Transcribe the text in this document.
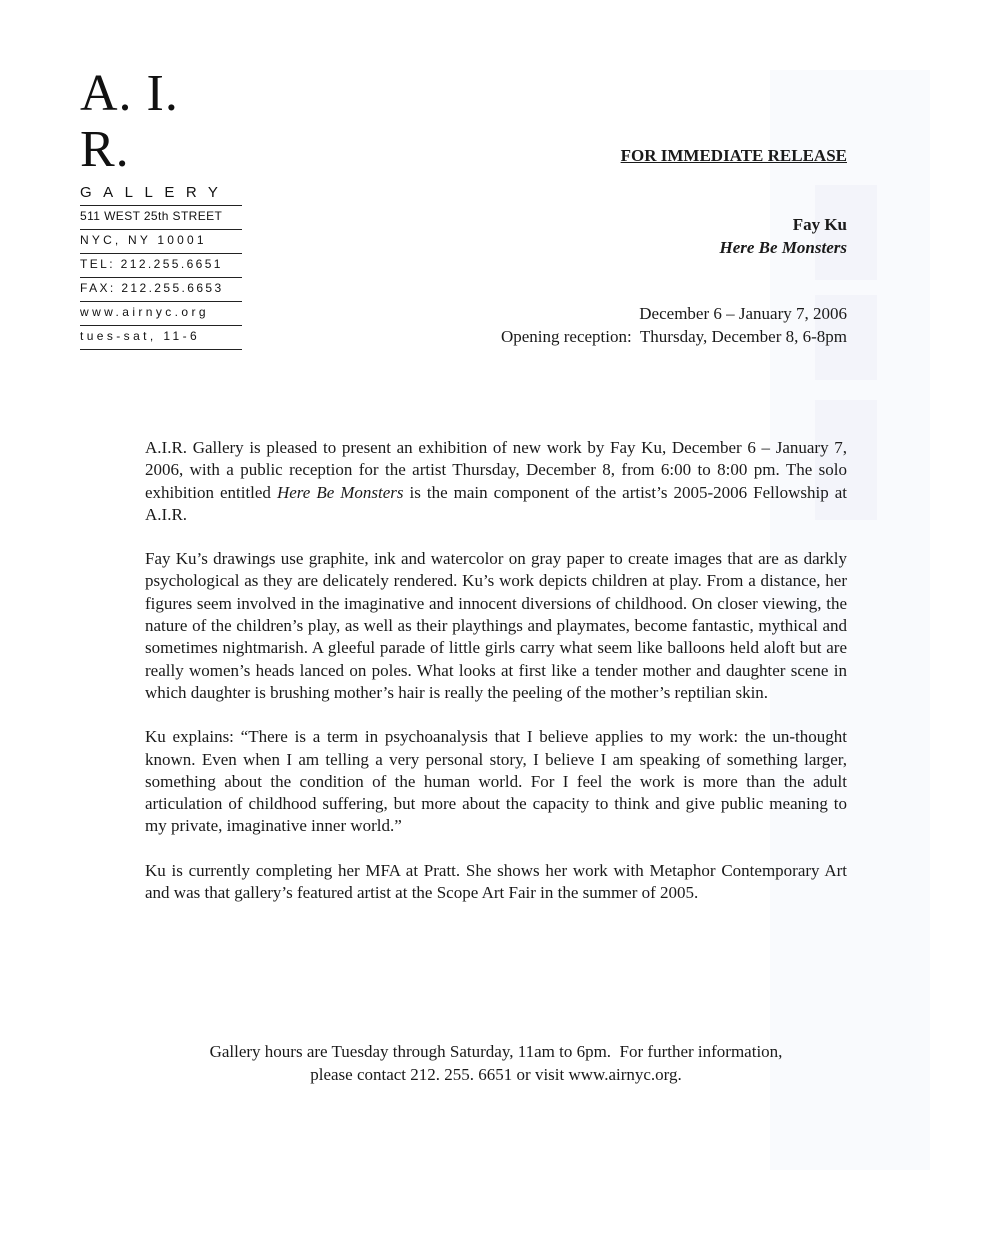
A. I. R.
GALLERY
511 WEST 25th STREET
NYC, NY 10001
TEL: 212.255.6651
FAX: 212.255.6653
www.airnyc.org
tues-sat, 11-6
FOR IMMEDIATE RELEASE
Fay Ku
Here Be Monsters
December 6 – January 7, 2006
Opening reception:  Thursday, December 8, 6-8pm

A.I.R. Gallery is pleased to present an exhibition of new work by Fay Ku, December 6 – January 7, 2006, with a public reception for the artist Thursday, December 8, from 6:00 to 8:00 pm. The solo exhibition entitled Here Be Monsters is the main component of the artist’s 2005-2006 Fellowship at A.I.R.

Fay Ku’s drawings use graphite, ink and watercolor on gray paper to create images that are as darkly psychological as they are delicately rendered. Ku’s work depicts children at play. From a distance, her figures seem involved in the imaginative and innocent diversions of childhood. On closer viewing, the nature of the children’s play, as well as their playthings and playmates, become fantastic, mythical and sometimes nightmarish. A gleeful parade of little girls carry what seem like balloons held aloft but are really women’s heads lanced on poles. What looks at first like a tender mother and daughter scene in which daughter is brushing mother’s hair is really the peeling of the mother’s reptilian skin.

Ku explains: “There is a term in psychoanalysis that I believe applies to my work: the un-thought known. Even when I am telling a very personal story, I believe I am speaking of something larger, something about the condition of the human world. For I feel the work is more than the adult articulation of childhood suffering, but more about the capacity to think and give public meaning to my private, imaginative inner world.”

Ku is currently completing her MFA at Pratt. She shows her work with Metaphor Contemporary Art and was that gallery’s featured artist at the Scope Art Fair in the summer of 2005.

Gallery hours are Tuesday through Saturday, 11am to 6pm.  For further information,
please contact 212. 255. 6651 or visit www.airnyc.org.
